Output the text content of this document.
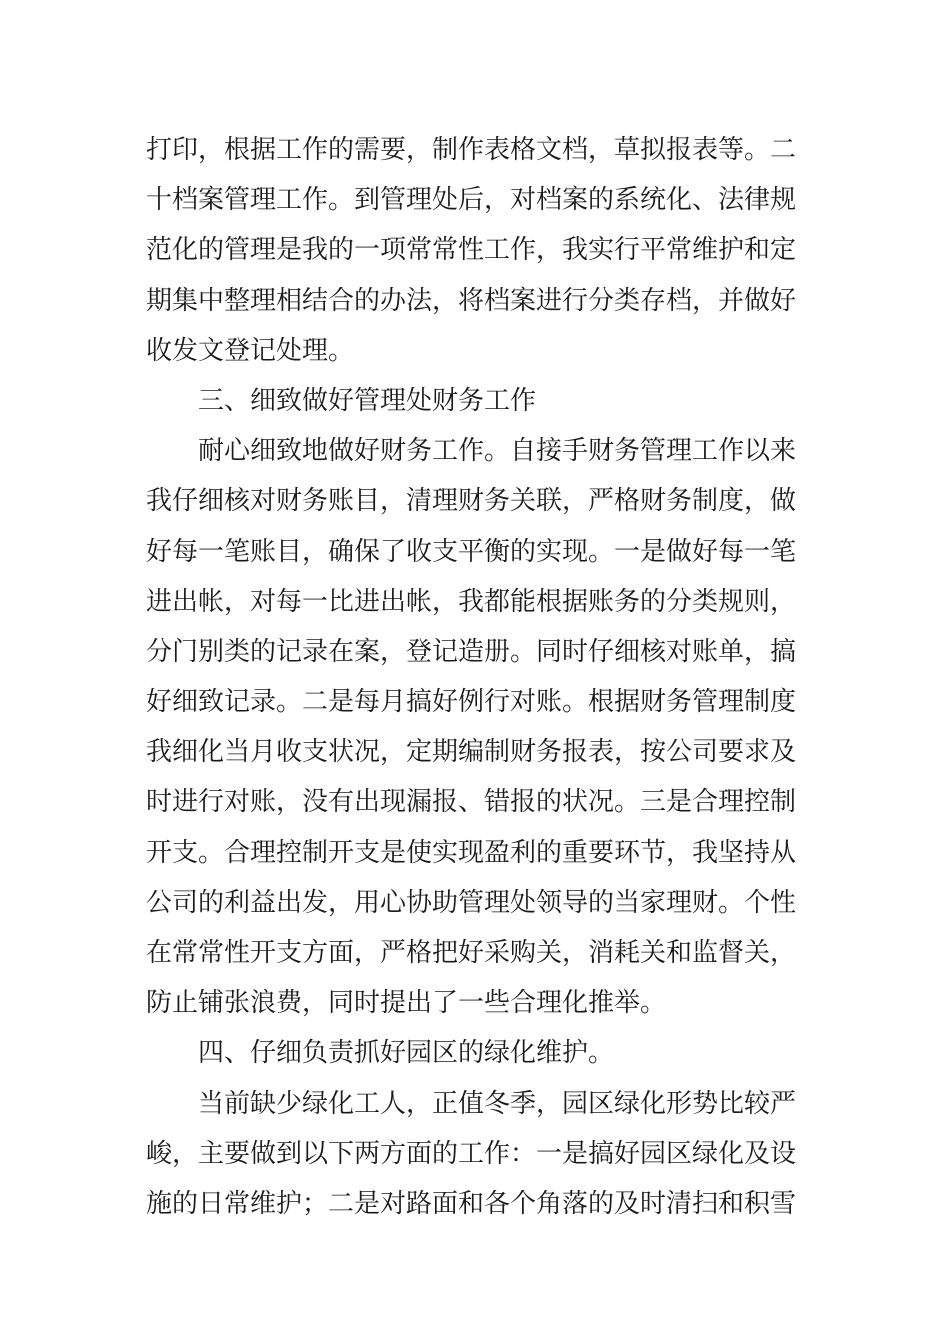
打印，根据工作的需要，制作表格文档，草拟报表等。二
十档案管理工作。到管理处后，对档案的系统化、法律规
范化的管理是我的一项常常性工作，我实行平常维护和定
期集中整理相结合的办法，将档案进行分类存档，并做好
收发文登记处理。
三、细致做好管理处财务工作
耐心细致地做好财务工作。自接手财务管理工作以来
我仔细核对财务账目，清理财务关联，严格财务制度，做
好每一笔账目，确保了收支平衡的实现。一是做好每一笔
进出帐，对每一比进出帐，我都能根据账务的分类规则，
分门别类的记录在案，登记造册。同时仔细核对账单，搞
好细致记录。二是每月搞好例行对账。根据财务管理制度
我细化当月收支状况，定期编制财务报表，按公司要求及
时进行对账，没有出现漏报、错报的状况。三是合理控制
开支。合理控制开支是使实现盈利的重要环节，我坚持从
公司的利益出发，用心协助管理处领导的当家理财。个性
在常常性开支方面，严格把好采购关，消耗关和监督关，
防止铺张浪费，同时提出了一些合理化推举。
四、仔细负责抓好园区的绿化维护。
当前缺少绿化工人，正值冬季，园区绿化形势比较严
峻，主要做到以下两方面的工作：一是搞好园区绿化及设
施的日常维护；二是对路面和各个角落的及时清扫和积雪
